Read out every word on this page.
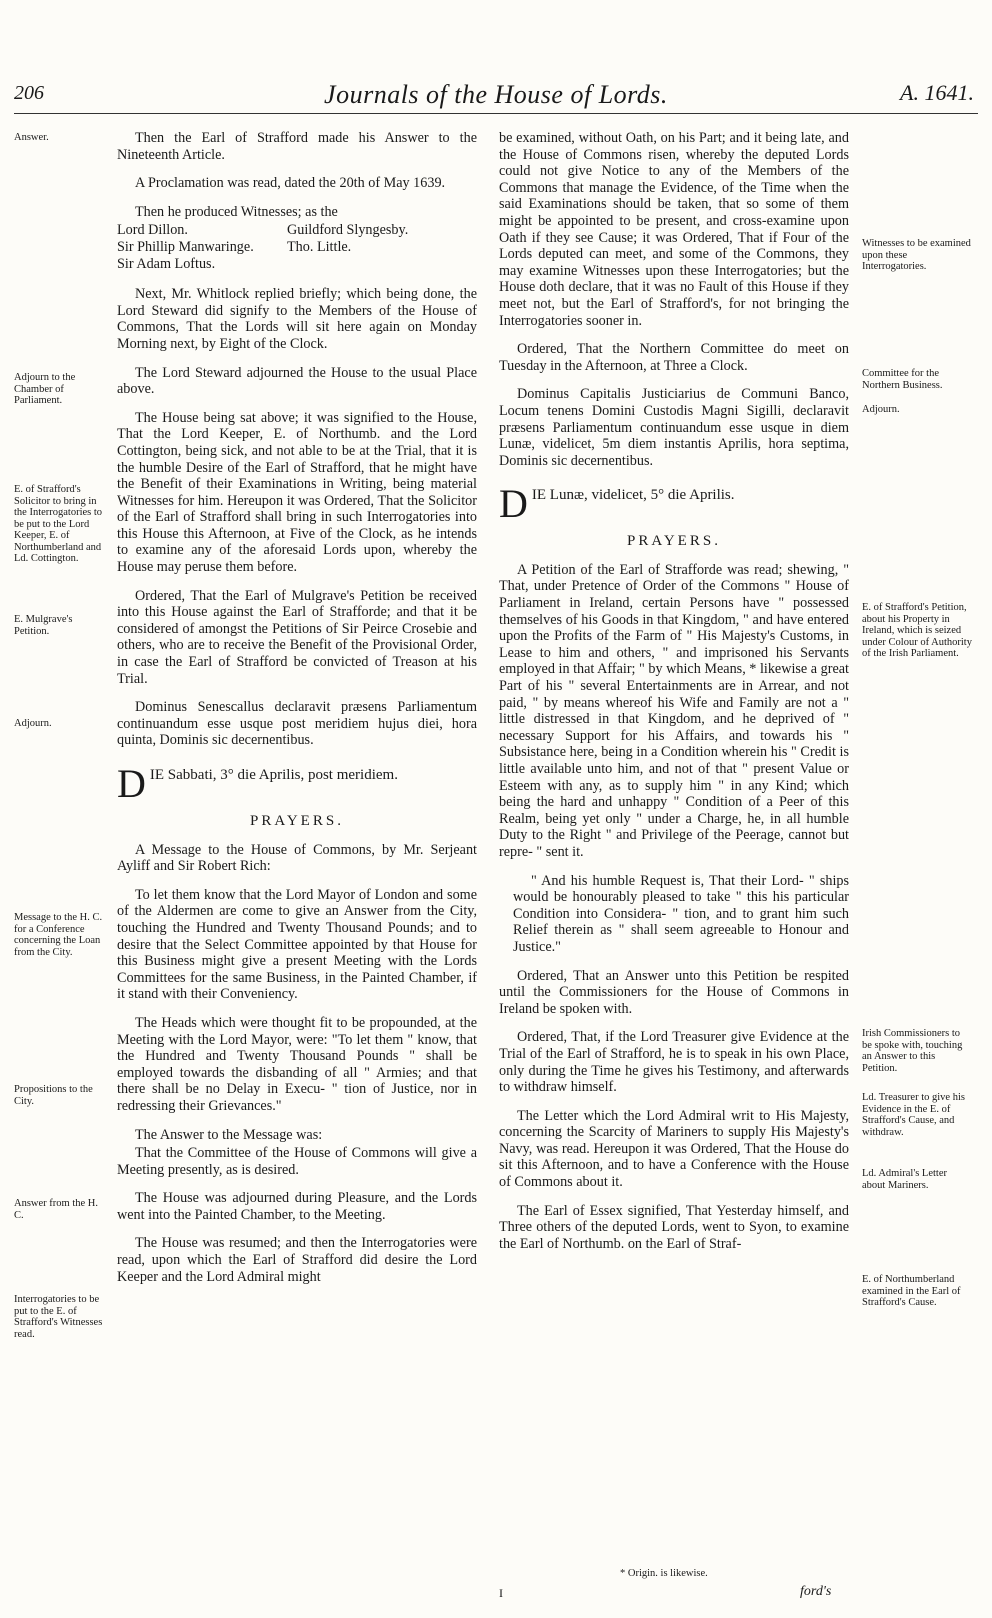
206	Journals of the House of Lords.	A. 1641.

Then the Earl of Strafford made his Answer to the Nineteenth Article.

A Proclamation was read, dated the 20th of May 1639.

Then he produced Witnesses; as the

Lord Dillon.	Guildford Slyngesby.
Sir Phillip Manwaringe.	Tho. Little.
Sir Adam Loftus.

Next, Mr. Whitlock replied briefly; which being done, the Lord Steward did signify to the Members of the House of Commons, That the Lords will sit here again on Monday Morning next, by Eight of the Clock.

The Lord Steward adjourned the House to the usual Place above.

The House being sat above; it was signified to the House, That the Lord Keeper, E. of Northumb. and the Lord Cottington, being sick, and not able to be at the Trial, that it is the humble Desire of the Earl of Strafford, that he might have the Benefit of their Examinations in Writing, being material Witnesses for him. Hereupon it was Ordered, That the Solicitor of the Earl of Strafford shall bring in such Interrogatories into this House this Afternoon, at Five of the Clock, as he intends to examine any of the aforesaid Lords upon, whereby the House may peruse them before.

Ordered, That the Earl of Mulgrave's Petition be received into this House against the Earl of Strafforde; and that it be considered of amongst the Petitions of Sir Peirce Crosebie and others, who are to receive the Benefit of the Provisional Order, in case the Earl of Strafford be convicted of Treason at his Trial.

Dominus Senescallus declaravit præsens Parliamentum continuandum esse usque post meridiem hujus diei, hora quinta, Dominis sic decernentibus.

D IE Sabbati, 3° die Aprilis, post meridiem.
PRAYERS.

A Message to the House of Commons, by Mr. Serjeant Ayliff and Sir Robert Rich:

To let them know that the Lord Mayor of London and some of the Aldermen are come to give an Answer from the City, touching the Hundred and Twenty Thousand Pounds; and to desire that the Select Committee appointed by that House for this Business might give a present Meeting with the Lords Committees for the same Business, in the Painted Chamber, if it stand with their Conveniency.

The Heads which were thought fit to be propounded, at the Meeting with the Lord Mayor, were: "To let them " know, that the Hundred and Twenty Thousand Pounds " shall be employed towards the disbanding of all " Armies; and that there shall be no Delay in Execu- " tion of Justice, nor in redressing their Grievances."

The Answer to the Message was:

That the Committee of the House of Commons will give a Meeting presently, as is desired.

The House was adjourned during Pleasure, and the Lords went into the Painted Chamber, to the Meeting.

The House was resumed; and then the Interrogatories were read, upon which the Earl of Strafford did desire the Lord Keeper and the Lord Admiral might

be examined, without Oath, on his Part; and it being late, and the House of Commons risen, whereby the deputed Lords could not give Notice to any of the Members of the Commons that manage the Evidence, of the Time when the said Examinations should be taken, that so some of them might be appointed to be present, and cross-examine upon Oath if they see Cause; it was Ordered, That if Four of the Lords deputed can meet, and some of the Commons, they may examine Witnesses upon these Interrogatories; but the House doth declare, that it was no Fault of this House if they meet not, but the Earl of Strafford's, for not bringing the Interrogatories sooner in.

Ordered, That the Northern Committee do meet on Tuesday in the Afternoon, at Three a Clock.

Dominus Capitalis Justiciarius de Communi Banco, Locum tenens Domini Custodis Magni Sigilli, declaravit præsens Parliamentum continuandum esse usque in diem Lunæ, videlicet, 5m diem instantis Aprilis, hora septima, Dominis sic decernentibus.

D IE Lunæ, videlicet, 5° die Aprilis.
PRAYERS.

A Petition of the Earl of Strafforde was read; shewing, " That, under Pretence of Order of the Commons " House of Parliament in Ireland, certain Persons have " possessed themselves of his Goods in that Kingdom, " and have entered upon the Profits of the Farm of " His Majesty's Customs, in Lease to him and others, " and imprisoned his Servants employed in that Affair; " by which Means, * likewise a great Part of his " several Entertainments are in Arrear, and not paid, " by means whereof his Wife and Family are not a " little distressed in that Kingdom, and he deprived of " necessary Support for his Affairs, and towards his " Subsistance here, being in a Condition wherein his " Credit is little available unto him, and not of that " present Value or Esteem with any, as to supply him " in any Kind; which being the hard and unhappy " Condition of a Peer of this Realm, being yet only " under a Charge, he, in all humble Duty to the Right " and Privilege of the Peerage, cannot but repre- " sent it.

" And his humble Request is, That their Lord- " ships would be honourably pleased to take " this his particular Condition into Considera- " tion, and to grant him such Relief therein as " shall seem agreeable to Honour and Justice."

Ordered, That an Answer unto this Petition be respited until the Commissioners for the House of Commons in Ireland be spoken with.

Ordered, That, if the Lord Treasurer give Evidence at the Trial of the Earl of Strafford, he is to speak in his own Place, only during the Time he gives his Testimony, and afterwards to withdraw himself.

The Letter which the Lord Admiral writ to His Majesty, concerning the Scarcity of Mariners to supply His Majesty's Navy, was read. Hereupon it was Ordered, That the House do sit this Afternoon, and to have a Conference with the House of Commons about it.

The Earl of Essex signified, That Yesterday himself, and Three others of the deputed Lords, went to Syon, to examine the Earl of Northumb. on the Earl of Straf-

Answer.
Adjourn to the Chamber of Parliament.
E. of Strafford's Solicitor to bring in the Interrogatories to be put to the Lord Keeper, E. of Northumberland and Ld. Cottington.
E. Mulgrave's Petition.
Adjourn.
Message to the H. C. for a Conference concerning the Loan from the City.
Propositions to the City.
Answer from the H. C.
Interrogatories to be put to the E. of Strafford's Witnesses read.
Witnesses to be examined upon these Interrogatories.
Committee for the Northern Business.
Adjourn.
E. of Strafford's Petition, about his Property in Ireland, which is seized under Colour of Authority of the Irish Parliament.
Irish Commissioners to be spoke with, touching an Answer to this Petition.
Ld. Treasurer to give his Evidence in the E. of Strafford's Cause, and withdraw.
Ld. Admiral's Letter about Mariners.
E. of Northumberland examined in the Earl of Strafford's Cause.
* Origin. is likewise.
I	ford's
